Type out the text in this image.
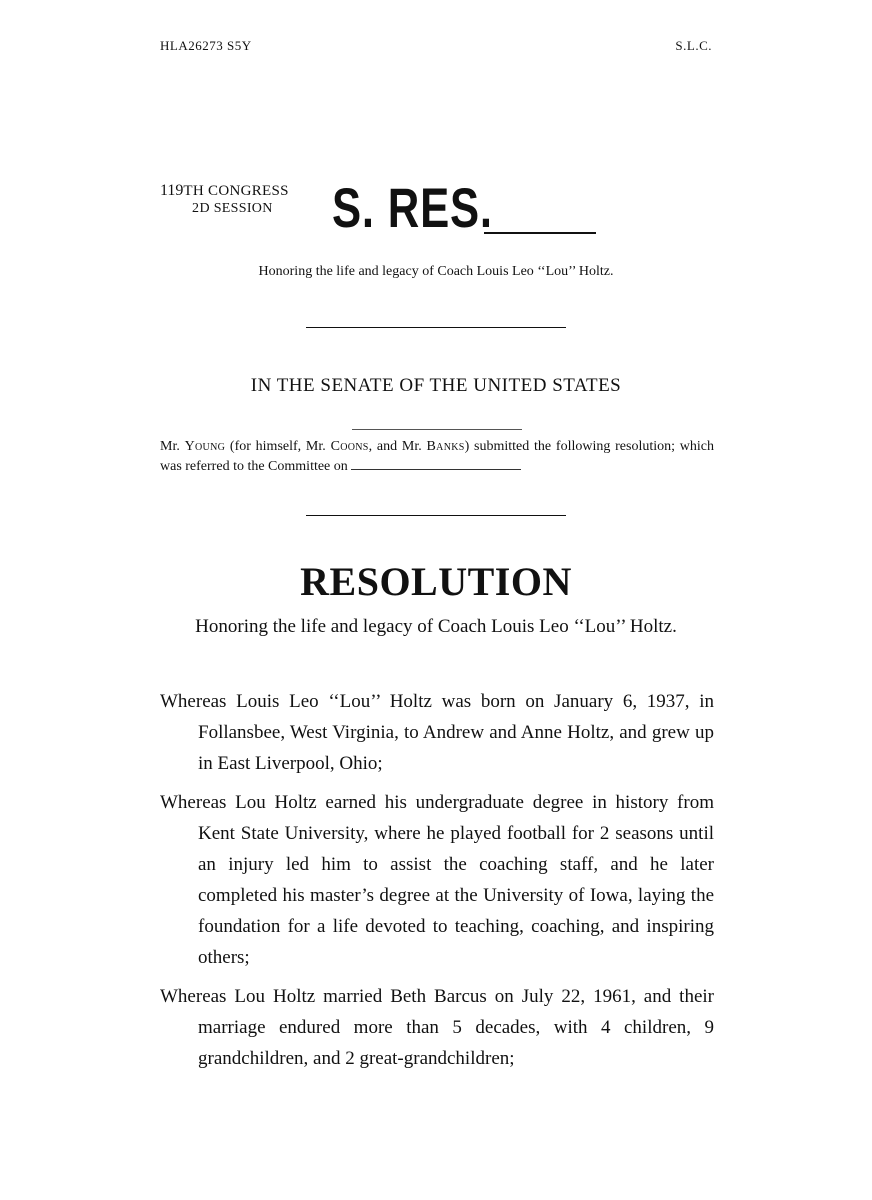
HLA26273 S5Y	S.L.C.
119TH CONGRESS
2D SESSION S. RES.
Honoring the life and legacy of Coach Louis Leo ‘‘Lou’’ Holtz.
IN THE SENATE OF THE UNITED STATES
Mr. Young (for himself, Mr. Coons, and Mr. Banks) submitted the following resolution; which was referred to the Committee on
RESOLUTION
Honoring the life and legacy of Coach Louis Leo ‘‘Lou’’ Holtz.

Whereas Louis Leo ‘‘Lou’’ Holtz was born on January 6, 1937, in Follansbee, West Virginia, to Andrew and Anne Holtz, and grew up in East Liverpool, Ohio;

Whereas Lou Holtz earned his undergraduate degree in history from Kent State University, where he played football for 2 seasons until an injury led him to assist the coaching staff, and he later completed his master’s degree at the University of Iowa, laying the foundation for a life devoted to teaching, coaching, and inspiring others;

Whereas Lou Holtz married Beth Barcus on July 22, 1961, and their marriage endured more than 5 decades, with 4 children, 9 grandchildren, and 2 great-grandchildren;
